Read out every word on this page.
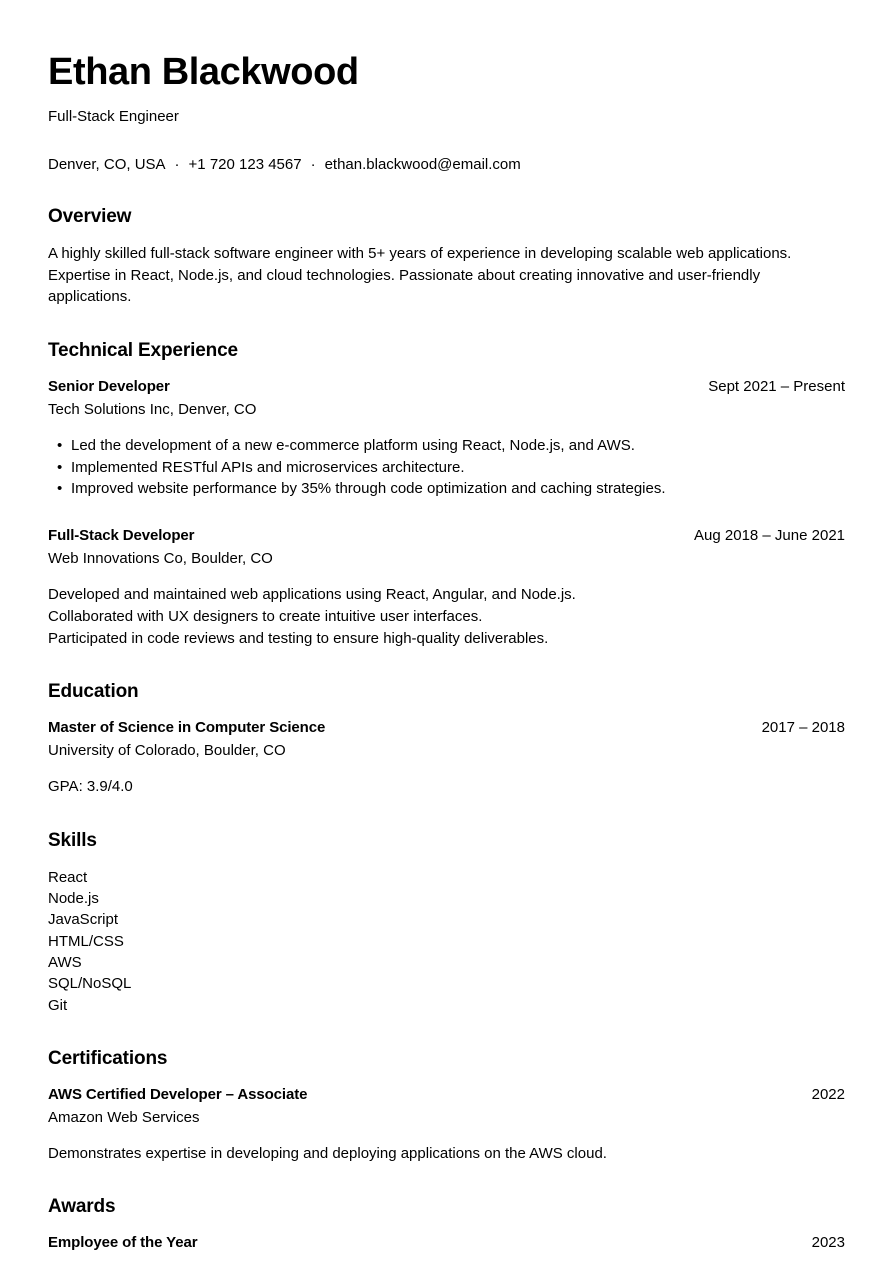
Ethan Blackwood
Full-Stack Engineer
Denver, CO, USA · +1 720 123 4567 · ethan.blackwood@email.com
Overview

A highly skilled full-stack software engineer with 5+ years of experience in developing scalable web applications. Expertise in React, Node.js, and cloud technologies. Passionate about creating innovative and user-friendly applications.

Technical Experience
Senior Developer	Sept 2021 – Present
Tech Solutions Inc, Denver, CO
• Led the development of a new e-commerce platform using React, Node.js, and AWS.
• Implemented RESTful APIs and microservices architecture.
• Improved website performance by 35% through code optimization and caching strategies.
Full-Stack Developer	Aug 2018 – June 2021
Web Innovations Co, Boulder, CO
Developed and maintained web applications using React, Angular, and Node.js.
Collaborated with UX designers to create intuitive user interfaces.
Participated in code reviews and testing to ensure high-quality deliverables.
Education
Master of Science in Computer Science	2017 – 2018
University of Colorado, Boulder, CO

GPA: 3.9/4.0

Skills
React
Node.js
JavaScript
HTML/CSS
AWS
SQL/NoSQL
Git
Certifications
AWS Certified Developer – Associate	2022
Amazon Web Services

Demonstrates expertise in developing and deploying applications on the AWS cloud.

Awards
Employee of the Year	2023
